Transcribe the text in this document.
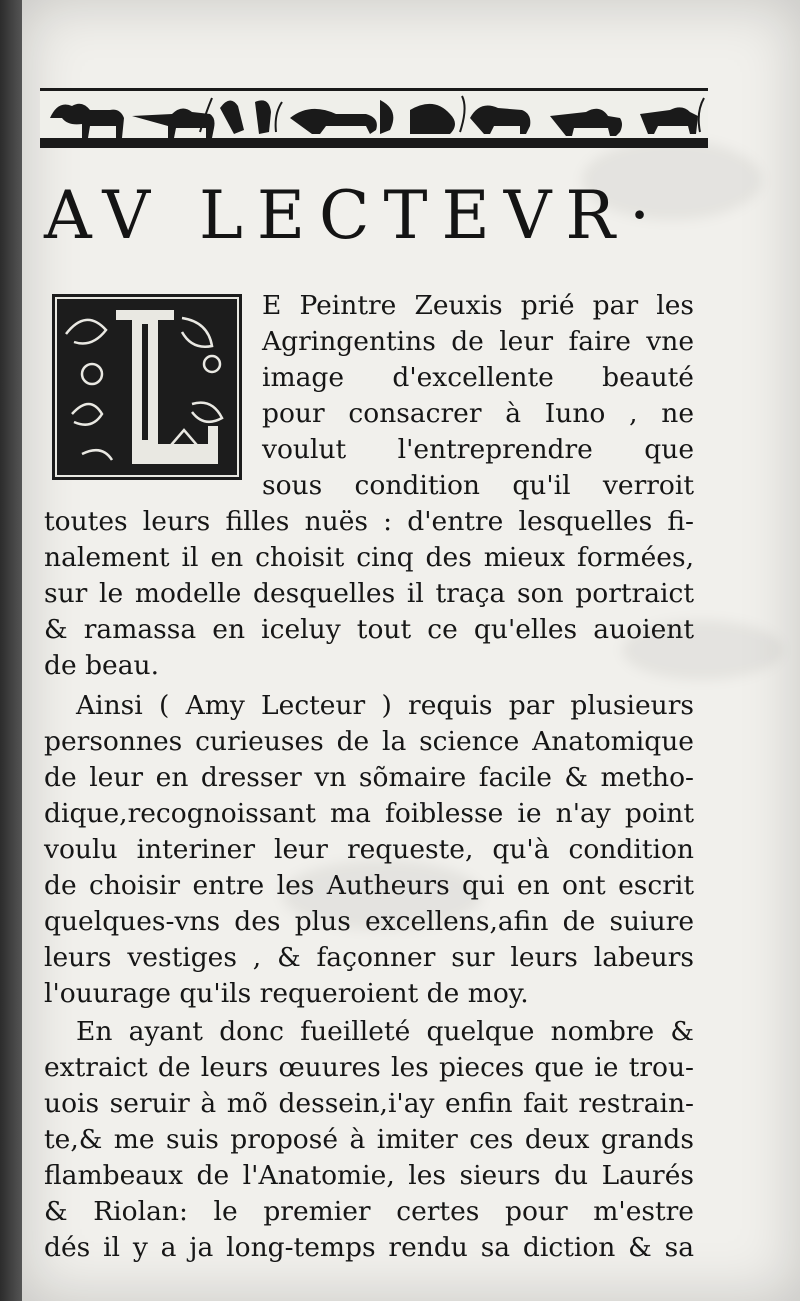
AV LECTEVR·
E Peintre Zeuxis prié par les
Agringentins de leur faire vne
image d'excellente beauté
pour consacrer à Iuno , ne
voulut l'entreprendre que
sous condition qu'il verroit
toutes leurs filles nuës : d'entre lesquelles fi-
nalement il en choisit cinq des mieux formées,
sur le modelle desquelles il traça son portraict
& ramassa en iceluy tout ce qu'elles auoient
de beau.
Ainsi ( Amy Lecteur ) requis par plusieurs
personnes curieuses de la science Anatomique
de leur en dresser vn sõmaire facile & metho-
dique,recognoissant ma foiblesse ie n'ay point
voulu interiner leur requeste, qu'à condition
de choisir entre les Autheurs qui en ont escrit
quelques-vns des plus excellens,afin de suiure
leurs vestiges , & façonner sur leurs labeurs
l'ouurage qu'ils requeroient de moy.
En ayant donc fueilleté quelque nombre &
extraict de leurs œuures les pieces que ie trou-
uois seruir à mõ dessein,i'ay enfin fait restrain-
te,& me suis proposé à imiter ces deux grands
flambeaux de l'Anatomie, les sieurs du Laurés
& Riolan: le premier certes pour m'estre
dés il y a ja long-temps rendu sa diction & sa
